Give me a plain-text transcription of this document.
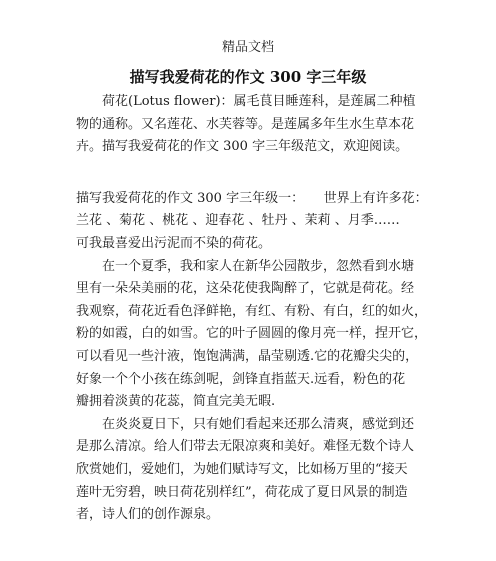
精品文档
描写我爱荷花的作文 300 字三年级
荷花(Lotus flower)：属毛茛目睡莲科，是莲属二种植
物的通称。又名莲花、水芙蓉等。是莲属多年生水生草本花
卉。描写我爱荷花的作文 300 字三年级范文，欢迎阅读。
描写我爱荷花的作文 300 字三年级一：　　世界上有许多花：
兰花 、菊花 、桃花 、迎春花 、牡丹 、茉莉 、月季……
可我最喜爱出污泥而不染的荷花。
在一个夏季，我和家人在新华公园散步，忽然看到水塘
里有一朵朵美丽的花，这朵花使我陶醉了，它就是荷花。经
我观察，荷花近看色泽鲜艳，有红、有粉、有白，红的如火，
粉的如霞，白的如雪。它的叶子圆圆的像月亮一样，捏开它，
可以看见一些汁液，饱饱满满，晶莹剔透.它的花瓣尖尖的，
好象一个个小孩在练剑呢，剑锋直指蓝天.远看，粉色的花
瓣拥着淡黄的花蕊，简直完美无暇.
在炎炎夏日下，只有她们看起来还那么清爽，感觉到还
是那么清凉。给人们带去无限凉爽和美好。难怪无数个诗人
欣赏她们，爱她们，为她们赋诗写文，比如杨万里的“接天
莲叶无穷碧，映日荷花别样红”，荷花成了夏日风景的制造
者，诗人们的创作源泉。
